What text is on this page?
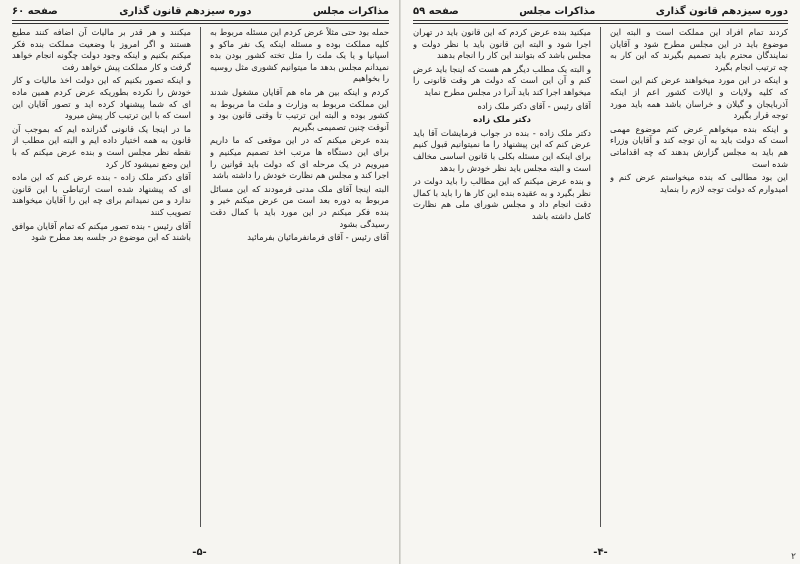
مذاکرات مجلس
دوره سیزدهم قانون گذاری
صفحه ۶۰

حمله بود حتی مثلاً عرض کردم این مسئله مربوط به کلیه مملکت بوده و مسئله اینکه یک نفر ماکو و اسپانیا و یا یک ملت را مثل تخته کشور بودن بده نمیدانم مجلس بدهد ما میتوانیم کشوری مثل روسیه را بخواهیم

کردم و اینکه بین هر ماه هم آقایان مشغول شدند این مملکت مربوط به وزارت و ملت ما مربوط به کشور بوده و البته این ترتیب تا وقتی قانون بود و آنوقت چنین تصمیمی بگیریم

بنده عرض میکنم که در این موقعی که ما داریم برای این دستگاه ها مرتب اخذ تصمیم میکنیم و میرویم در یک مرحله ای که دولت باید قوانین را اجرا کند و مجلس هم نظارت خودش را داشته باشد

البته اینجا آقای ملک مدنی فرمودند که این مسائل مربوط به دوره بعد است من عرض میکنم خیر و بنده فکر میکنم در این مورد باید با کمال دقت رسیدگی بشود

آقای رئیس - آقای فرمانفرمائیان بفرمائید

میکنند و هر قدر بر مالیات آن اضافه کنند مطیع هستند و اگر امروز با وضعیت مملکت بنده فکر میکنم بکنیم و اینکه وجود دولت چگونه انجام خواهد گرفت و کار مملکت پیش خواهد رفت

و اینکه تصور بکنیم که این دولت اخذ مالیات و کار خودش را نکرده بطوریکه عرض کردم همین ماده ای که شما پیشنهاد کرده اید و تصور آقایان این است که با این ترتیب کار پیش میرود

ما در اینجا یک قانونی گذرانده ایم که بموجب آن قانون به همه اختیار داده ایم و البته این مطلب از نقطه نظر مجلس است و بنده عرض میکنم که با این وضع نمیشود کار کرد

آقای دکتر ملک زاده - بنده عرض کنم که این ماده ای که پیشنهاد شده است ارتباطی با این قانون ندارد و من نمیدانم برای چه این را آقایان میخواهند تصویب کنند

آقای رئیس - بنده تصور میکنم که تمام آقایان موافق باشند که این موضوع در جلسه بعد مطرح شود

-۵-
دوره سیزدهم قانون گذاری
مذاکرات مجلس
صفحه ۵۹

کردند تمام افراد این مملکت است و البته این موضوع باید در این مجلس مطرح شود و آقایان نمایندگان محترم باید تصمیم بگیرند که این کار به چه ترتیب انجام بگیرد

و اینکه در این مورد میخواهند عرض کنم این است که کلیه ولایات و ایالات کشور اعم از اینکه آذربایجان و گیلان و خراسان باشد همه باید مورد توجه قرار بگیرد

و اینکه بنده میخواهم عرض کنم موضوع مهمی است که دولت باید به آن توجه کند و آقایان وزراء هم باید به مجلس گزارش بدهند که چه اقداماتی شده است

این بود مطالبی که بنده میخواستم عرض کنم و امیدوارم که دولت توجه لازم را بنماید

میکنید بنده عرض کردم که این قانون باید در تهران اجرا شود و البته این قانون باید با نظر دولت و مجلس باشد که بتوانند این کار را انجام بدهند

و البته یک مطلب دیگر هم هست که اینجا باید عرض کنم و آن این است که دولت هر وقت قانونی را میخواهد اجرا کند باید آنرا در مجلس مطرح نماید

آقای رئیس - آقای دکتر ملک زاده

دکتر ملک زاده

دکتر ملک زاده - بنده در جواب فرمایشات آقا باید عرض کنم که این پیشنهاد را ما نمیتوانیم قبول کنیم برای اینکه این مسئله بکلی با قانون اساسی مخالف است و البته مجلس باید نظر خودش را بدهد

و بنده عرض میکنم که این مطالب را باید دولت در نظر بگیرد و به عقیده بنده این کار ها را باید با کمال دقت انجام داد و مجلس شورای ملی هم نظارت کامل داشته باشد

-۴-	۲
